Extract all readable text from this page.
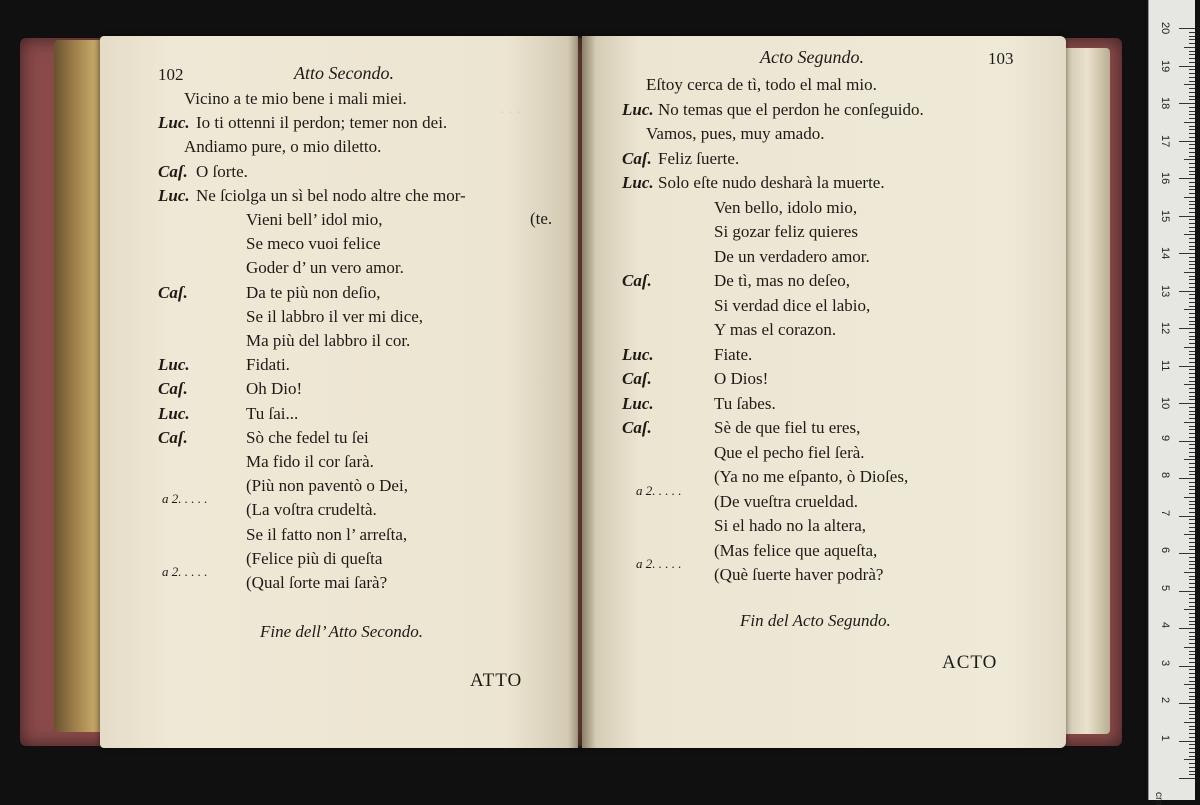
· · ·
102	Atto Secondo.
Vicino a te mio bene i mali miei.
Luc. Io ti ottenni il perdon; temer non dei.
Andiamo pure, o mio diletto.
Caſ. O ſorte.
Luc. Ne ſciolga un sì bel nodo altre che mor-
Vieni bell’ idol mio,
Se meco vuoi felice
Goder d’ un vero amor.
Caſ.	Da te più non deſio,
Se il labbro il ver mi dice,
Ma più del labbro il cor.
Luc.	Fidati.
Caſ.	Oh Dio!
Luc.	Tu ſai...
Caſ.	Sò che fedel tu ſei
Ma fido il cor ſarà.
(Più non paventò o Dei,
a 2. . . . .
(La voſtra crudeltà.
Se il fatto non l’ arreſta,
(Felice più di queſta
a 2. . . . .
(Qual ſorte mai ſarà?
(te.
Fine dell’ Atto Secondo.
ATTO
Acto Segundo.	103
Eſtoy cerca de tì, todo el mal mio.
Luc. No temas que el perdon he conſeguido.
Vamos, pues, muy amado.
Caſ. Feliz ſuerte.
Luc. Solo eſte nudo desharà la muerte.
Ven bello, idolo mio,
Si gozar feliz quieres
De un verdadero amor.
Caſ.	De tì, mas no deſeo,
Si verdad dice el labio,
Y mas el corazon.
Luc.	Fiate.
Caſ.	O Dios!
Luc.	Tu ſabes.
Caſ.	Sè de que fiel tu eres,
Que el pecho fiel ſerà.
(Ya no me eſpanto, ò Dioſes,
a 2. . . . .
(De vueſtra crueldad.
Si el hado no la altera,
(Mas felice que aqueſta,
a 2. . . . .
(Què ſuerte haver podrà?
Fin del Acto Segundo.
ACTO
cm
1
2
3
4
5
6
7
8
9
10
11
12
13
14
15
16
17
18
19
20
